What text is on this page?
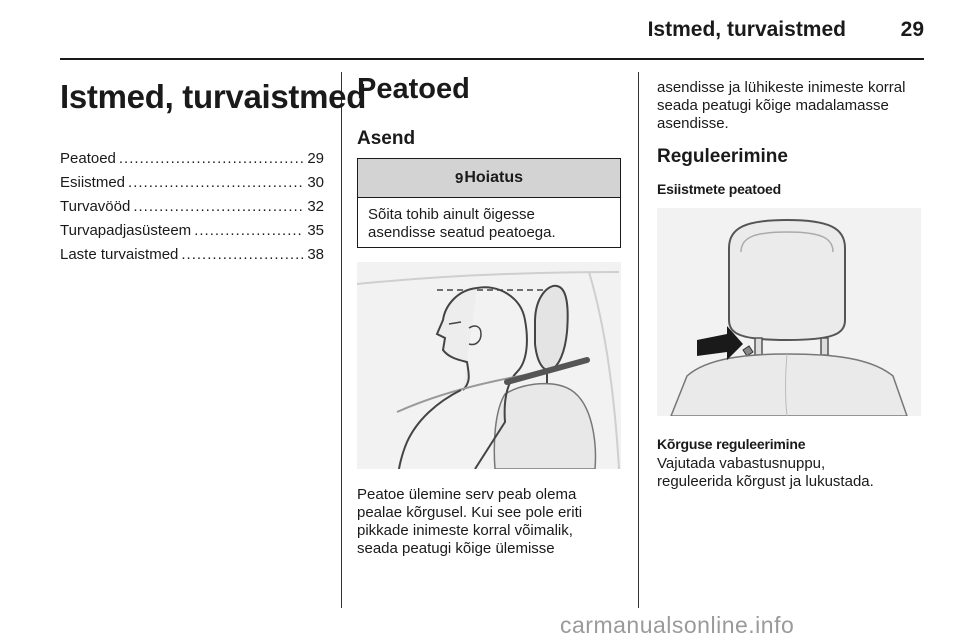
Istmed, turvaistmed	29
Istmed, turvaistmed
Peatoed .....	29
Esiistmed .....	30
Turvavööd .....	32
Turvapadjasüsteem .....	35
Laste turvaistmed .....	38
Peatoed
Asend
9 Hoiatus
Sõita tohib ainult õigesse
asendisse seatud peatoega.
Peatoe ülemine serv peab olema
pealae kõrgusel. Kui see pole eriti
pikkade inimeste korral võimalik,
seada peatugi kõige ülemisse
asendisse ja lühikeste inimeste korral
seada peatugi kõige madalamasse
asendisse.
Reguleerimine
Esiistmete peatoed
Kõrguse reguleerimine
Vajutada vabastusnuppu,
reguleerida kõrgust ja lukustada.
carmanualsonline.info
